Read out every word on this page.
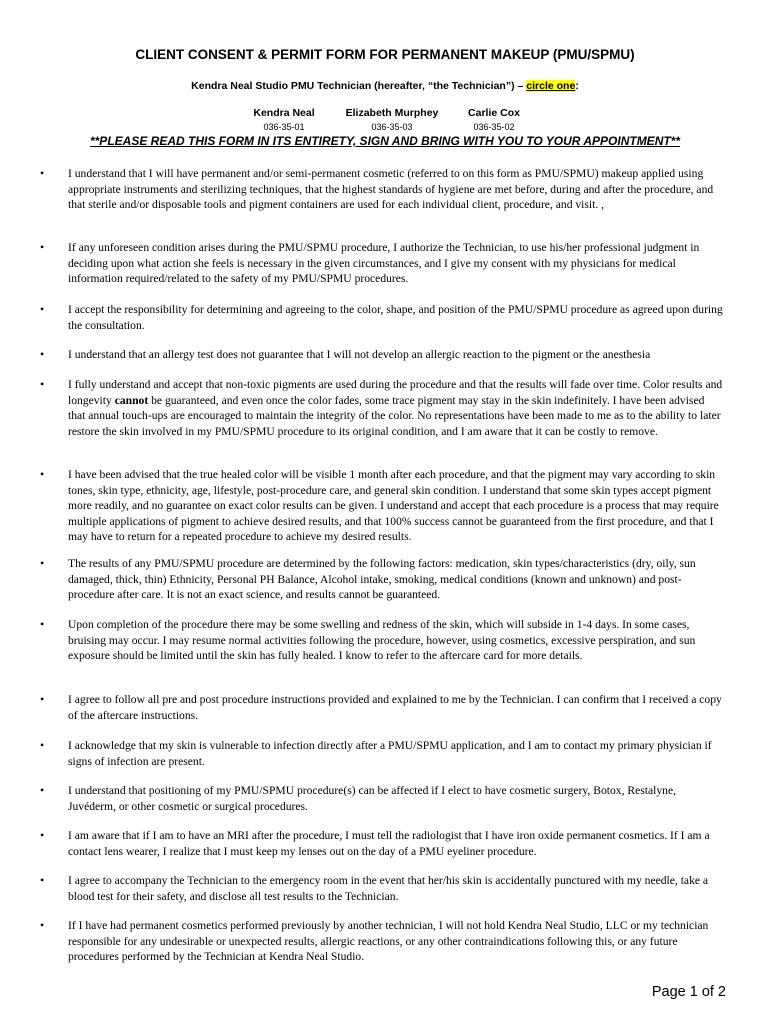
CLIENT CONSENT & PERMIT FORM FOR PERMANENT MAKEUP (PMU/SPMU)
Kendra Neal Studio PMU Technician (hereafter, “the Technician”) – circle one:
Kendra Neal
036-35-01
Elizabeth Murphey
036-35-03
Carlie Cox
036-35-02
**PLEASE READ THIS FORM IN ITS ENTIRETY, SIGN AND BRING WITH YOU TO YOUR APPOINTMENT**
• I understand that I will have permanent and/or semi-permanent cosmetic (referred to on this form as PMU/SPMU) makeup applied using appropriate instruments and sterilizing techniques, that the highest standards of hygiene are met before, during and after the procedure, and that sterile and/or disposable tools and pigment containers are used for each individual client, procedure, and visit. ,
• If any unforeseen condition arises during the PMU/SPMU procedure, I authorize the Technician, to use his/her professional judgment in deciding upon what action she feels is necessary in the given circumstances, and I give my consent with my physicians for medical information required/related to the safety of my PMU/SPMU procedures.
• I accept the responsibility for determining and agreeing to the color, shape, and position of the PMU/SPMU procedure as agreed upon during the consultation.
• I understand that an allergy test does not guarantee that I will not develop an allergic reaction to the pigment or the anesthesia
• I fully understand and accept that non-toxic pigments are used during the procedure and that the results will fade over time. Color results and longevity cannot be guaranteed, and even once the color fades, some trace pigment may stay in the skin indefinitely. I have been advised that annual touch-ups are encouraged to maintain the integrity of the color. No representations have been made to me as to the ability to later restore the skin involved in my PMU/SPMU procedure to its original condition, and I am aware that it can be costly to remove.
• I have been advised that the true healed color will be visible 1 month after each procedure, and that the pigment may vary according to skin tones, skin type, ethnicity, age, lifestyle, post-procedure care, and general skin condition. I understand that some skin types accept pigment more readily, and no guarantee on exact color results can be given. I understand and accept that each procedure is a process that may require multiple applications of pigment to achieve desired results, and that 100% success cannot be guaranteed from the first procedure, and that I may have to return for a repeated procedure to achieve my desired results.
• The results of any PMU/SPMU procedure are determined by the following factors: medication, skin types/characteristics (dry, oily, sun damaged, thick, thin) Ethnicity, Personal PH Balance, Alcohol intake, smoking, medical conditions (known and unknown) and post-procedure after care. It is not an exact science, and results cannot be guaranteed.
• Upon completion of the procedure there may be some swelling and redness of the skin, which will subside in 1-4 days. In some cases, bruising may occur. I may resume normal activities following the procedure, however, using cosmetics, excessive perspiration, and sun exposure should be limited until the skin has fully healed. I know to refer to the aftercare card for more details.
• I agree to follow all pre and post procedure instructions provided and explained to me by the Technician. I can confirm that I received a copy of the aftercare instructions.
• I acknowledge that my skin is vulnerable to infection directly after a PMU/SPMU application, and I am to contact my primary physician if signs of infection are present.
• I understand that positioning of my PMU/SPMU procedure(s) can be affected if I elect to have cosmetic surgery, Botox, Restalyne, Juvéderm, or other cosmetic or surgical procedures.
• I am aware that if I am to have an MRI after the procedure, I must tell the radiologist that I have iron oxide permanent cosmetics. If I am a contact lens wearer, I realize that I must keep my lenses out on the day of a PMU eyeliner procedure.
• I agree to accompany the Technician to the emergency room in the event that her/his skin is accidentally punctured with my needle, take a blood test for their safety, and disclose all test results to the Technician.
• If I have had permanent cosmetics performed previously by another technician, I will not hold Kendra Neal Studio, LLC or my technician responsible for any undesirable or unexpected results, allergic reactions, or any other contraindications following this, or any future procedures performed by the Technician at Kendra Neal Studio.
Page 1 of 2
